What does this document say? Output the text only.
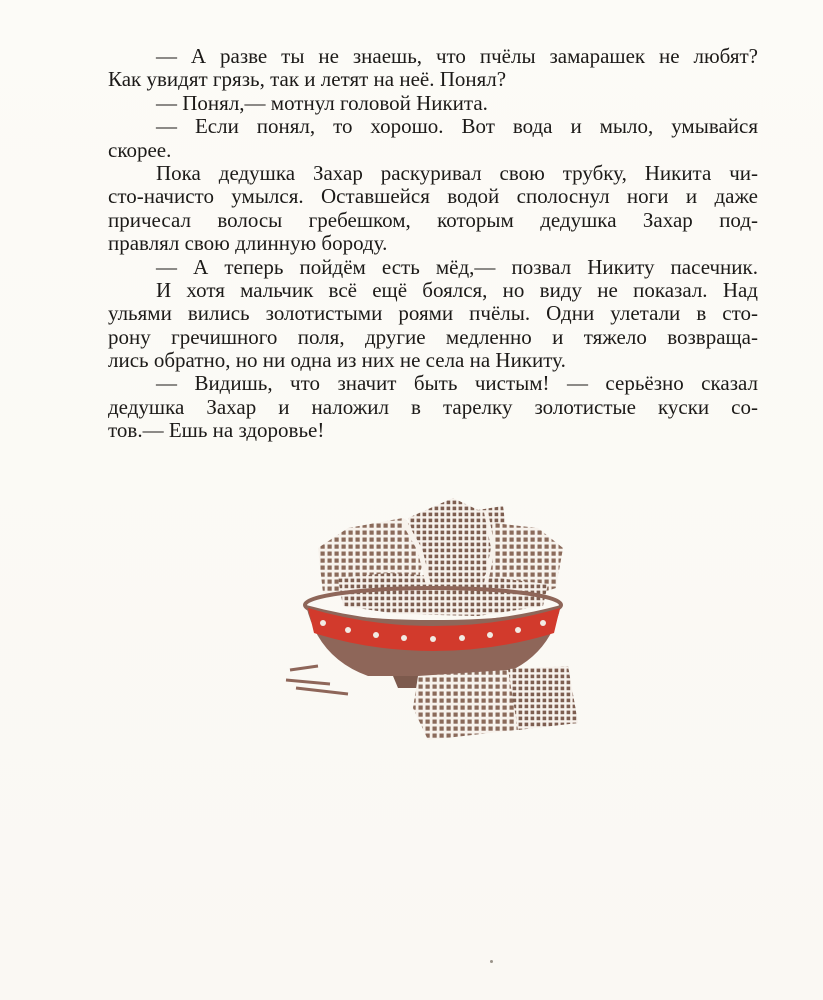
— А разве ты не знаешь, что пчёлы замарашек не любят?
Как увидят грязь, так и летят на неё. Понял?
— Понял,— мотнул головой Никита.
— Если понял, то хорошо. Вот вода и мыло, умывайся
скорее.
Пока дедушка Захар раскуривал свою трубку, Никита чи-
сто-начисто умылся. Оставшейся водой сполоснул ноги и даже
причесал волосы гребешком, которым дедушка Захар под-
правлял свою длинную бороду.
— А теперь пойдём есть мёд,— позвал Никиту пасечник.
И хотя мальчик всё ещё боялся, но виду не показал. Над
ульями вились золотистыми роями пчёлы. Одни улетали в сто-
рону гречишного поля, другие медленно и тяжело возвраща-
лись обратно, но ни одна из них не села на Никиту.
— Видишь, что значит быть чистым! — серьёзно сказал
дедушка Захар и наложил в тарелку золотистые куски со-
тов.— Ешь на здоровье!
